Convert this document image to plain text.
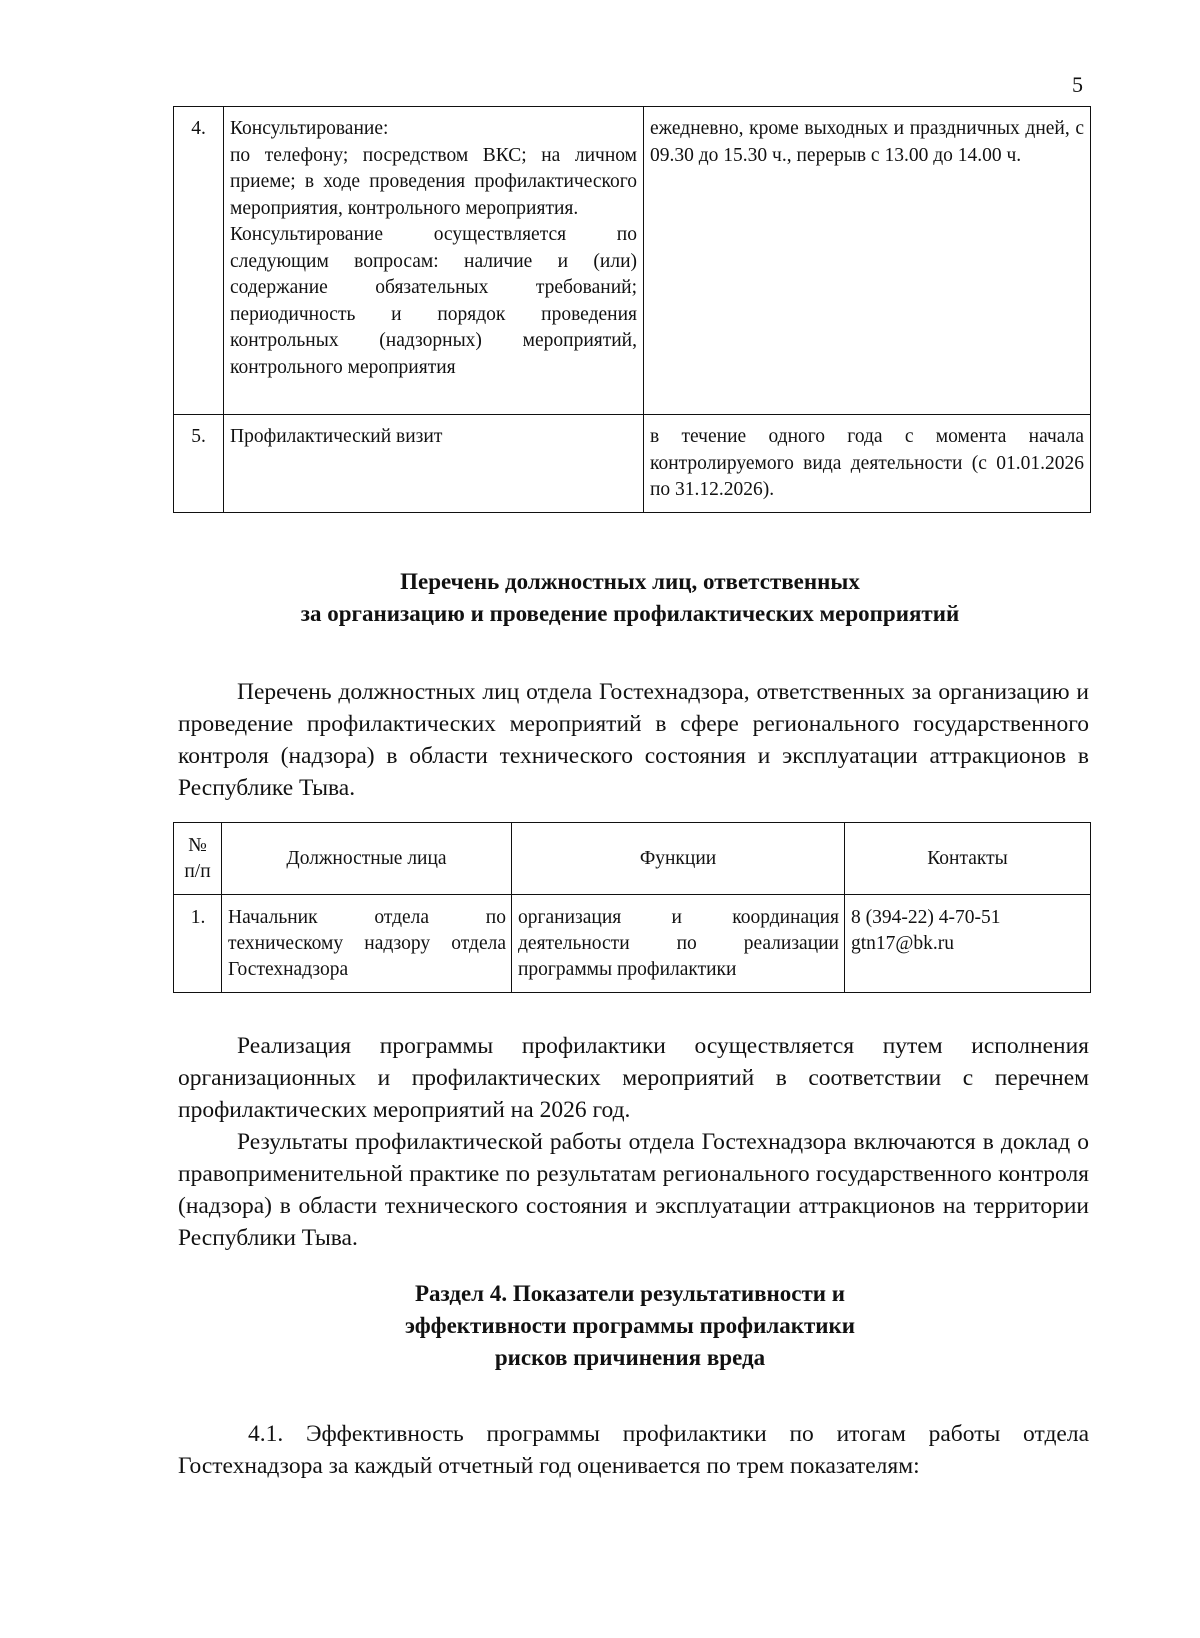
5
4.	Консультирование:
по телефону; посредством ВКС; на личном приеме; в ходе проведения профилактического мероприятия, контрольного мероприятия.
Консультирование осуществляется по следующим вопросам: наличие и (или) содержание обязательных требований; периодичность и порядок проведения контрольных (надзорных) мероприятий, контрольного мероприятия	ежедневно, кроме выходных и праздничных дней, с 09.30 до 15.30 ч., перерыв с 13.00 до 14.00 ч.
5.	Профилактический визит	в течение одного года с момента начала контролируемого вида деятельности (с 01.01.2026 по 31.12.2026).
Перечень должностных лиц, ответственных
за организацию и проведение профилактических мероприятий
Перечень должностных лиц отдела Гостехнадзора, ответственных за организацию и проведение профилактических мероприятий в сфере регионального государственного контроля (надзора) в области технического состояния и эксплуатации аттракционов в Республике Тыва.
№ п/п	Должностные лица	Функции	Контакты
1.	Начальник отдела по техническому надзору отдела Гостехнадзора	организация и координация деятельности по реализации программы профилактики	8 (394-22) 4-70-51
gtn17@bk.ru
Реализация программы профилактики осуществляется путем исполнения организационных и профилактических мероприятий в соответствии с перечнем профилактических мероприятий на 2026 год.
Результаты профилактической работы отдела Гостехнадзора включаются в доклад о правоприменительной практике по результатам регионального государственного контроля (надзора) в области технического состояния и эксплуатации аттракционов на территории Республики Тыва.
Раздел 4. Показатели результативности и
эффективности программы профилактики
рисков причинения вреда
4.1. Эффективность программы профилактики по итогам работы отдела Гостехнадзора за каждый отчетный год оценивается по трем показателям:
